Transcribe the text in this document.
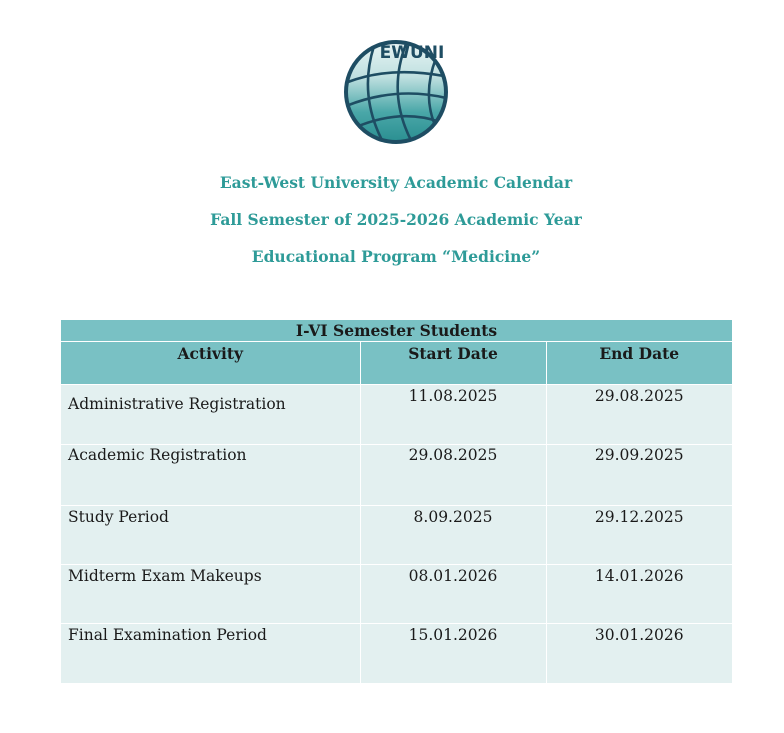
EWUNI
East-West University Academic Calendar
Fall Semester of 2025-2026 Academic Year
Educational Program “Medicine”
I-VI Semester Students		
Activity	Start Date	End Date

Administrative Registration	11.08.2025	29.08.2025

Academic Registration	29.08.2025	29.09.2025

Study Period	8.09.2025	29.12.2025

Midterm Exam Makeups	08.01.2026	14.01.2026

Final Examination Period	15.01.2026	30.01.2026
